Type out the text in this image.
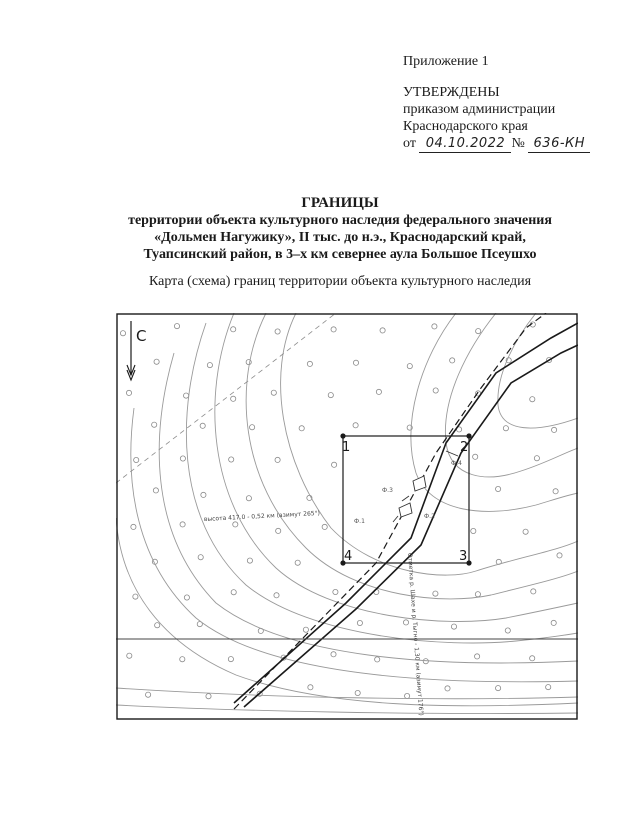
Приложение 1
УТВЕРЖДЕНЫ
приказом администрации
Краснодарского края
от 04.10.2022 № 636-КН
ГРАНИЦЫ
территории объекта культурного наследия федерального значения
«Дольмен Нагужику», II тыс. до н.э., Краснодарский край,
Туапсинский район, в 3–х км севернее аула Большое Псеушхо
Карта (схема) границ территории объекта культурного наследия
1	2
3
4
Ф.1
Ф.2
Ф.3
Ф.4
высота 417.0 - 0,52 км (азимут 265°)
Отметка р. Шахе и р. Тыгно - 1,30 км (азимут 176°)
С
